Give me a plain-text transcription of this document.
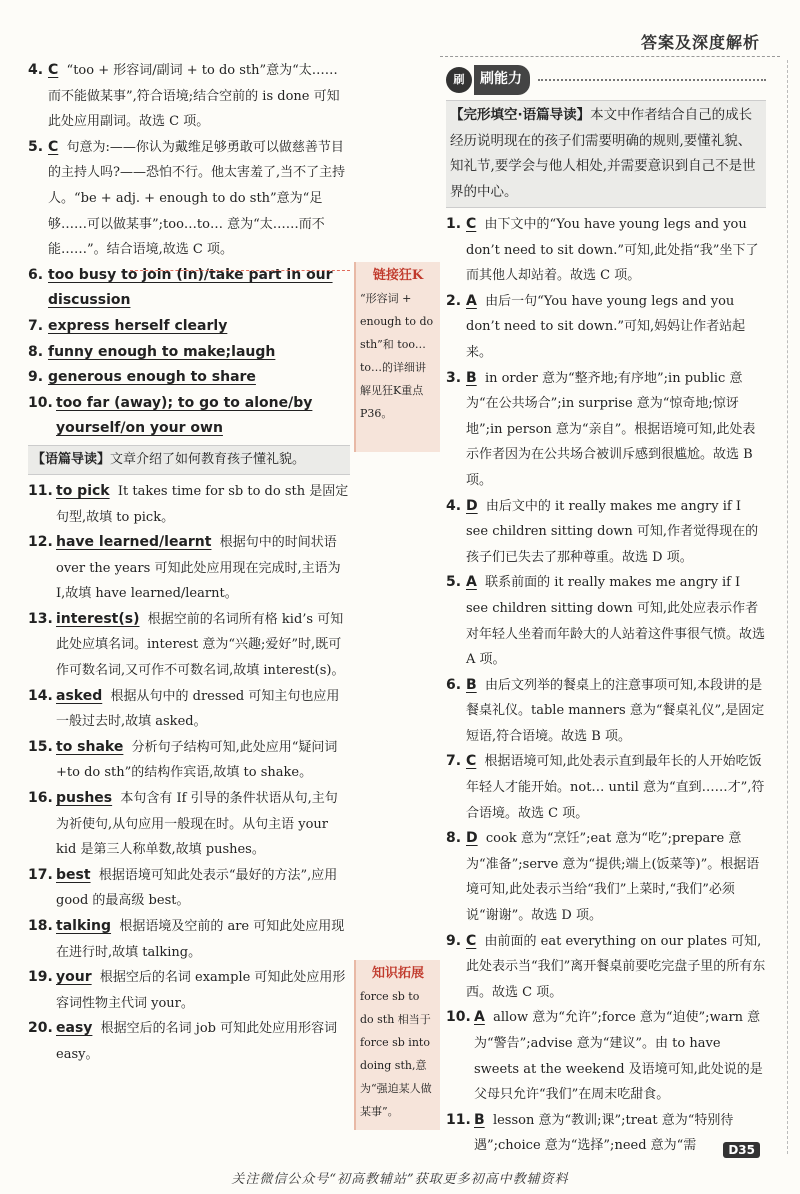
答案及深度解析
4. C “too + 形容词/副词 + to do sth”意为“太……而不能做某事”,符合语境;结合空前的 is done 可知此处应用副词。故选 C 项。
5. C 句意为:——你认为戴维足够勇敢可以做慈善节目的主持人吗?——恐怕不行。他太害羞了,当不了主持人。“be + adj. + enough to do sth”意为“足够……可以做某事”;too…to… 意为“太……而不能……”。结合语境,故选 C 项。
6. too busy to join (in)/take part in our discussion
7. express herself clearly
8. funny enough to make;laugh
9. generous enough to share
10. too far (away); to go to alone/by yourself/on your own
【语篇导读】文章介绍了如何教育孩子懂礼貌。
11. to pick It takes time for sb to do sth 是固定句型,故填 to pick。
12. have learned/learnt 根据句中的时间状语 over the years 可知此处应用现在完成时,主语为 I,故填 have learned/learnt。
13. interest(s) 根据空前的名词所有格 kid’s 可知此处应填名词。interest 意为“兴趣;爱好”时,既可作可数名词,又可作不可数名词,故填 interest(s)。
14. asked 根据从句中的 dressed 可知主句也应用一般过去时,故填 asked。
15. to shake 分析句子结构可知,此处应用“疑问词+to do sth”的结构作宾语,故填 to shake。
16. pushes 本句含有 If 引导的条件状语从句,主句为祈使句,从句应用一般现在时。从句主语 your kid 是第三人称单数,故填 pushes。
17. best 根据语境可知此处表示“最好的方法”,应用 good 的最高级 best。
18. talking 根据语境及空前的 are 可知此处应用现在进行时,故填 talking。
19. your 根据空后的名词 example 可知此处应用形容词性物主代词 your。
20. easy 根据空后的名词 job 可知此处应用形容词 easy。
链接狂K
“形容词 + enough to do sth”和 too…to…的详细讲解见狂K重点P36。
知识拓展
force sb to do sth 相当于 force sb into doing sth,意为“强迫某人做某事”。
刷	刷能力
【完形填空·语篇导读】本文中作者结合自己的成长经历说明现在的孩子们需要明确的规则,要懂礼貌、知礼节,要学会与他人相处,并需要意识到自己不是世界的中心。
1. C 由下文中的“You have young legs and you don’t need to sit down.”可知,此处指“我”坐下了而其他人却站着。故选 C 项。
2. A 由后一句“You have young legs and you don’t need to sit down.”可知,妈妈让作者站起来。
3. B in order 意为“整齐地;有序地”;in public 意为“在公共场合”;in surprise 意为“惊奇地;惊讶地”;in person 意为“亲自”。根据语境可知,此处表示作者因为在公共场合被训斥感到很尴尬。故选 B 项。
4. D 由后文中的 it really makes me angry if I see children sitting down 可知,作者觉得现在的孩子们已失去了那种尊重。故选 D 项。
5. A 联系前面的 it really makes me angry if I see children sitting down 可知,此处应表示作者对年轻人坐着而年龄大的人站着这件事很气愤。故选 A 项。
6. B 由后文列举的餐桌上的注意事项可知,本段讲的是餐桌礼仪。table manners 意为“餐桌礼仪”,是固定短语,符合语境。故选 B 项。
7. C 根据语境可知,此处表示直到最年长的人开始吃饭年轻人才能开始。not… until 意为“直到……才”,符合语境。故选 C 项。
8. D cook 意为“烹饪”;eat 意为“吃”;prepare 意为“准备”;serve 意为“提供;端上(饭菜等)”。根据语境可知,此处表示当给“我们”上菜时,“我们”必须说“谢谢”。故选 D 项。
9. C 由前面的 eat everything on our plates 可知,此处表示当“我们”离开餐桌前要吃完盘子里的所有东西。故选 C 项。
10. A allow 意为“允许”;force 意为“迫使”;warn 意为“警告”;advise 意为“建议”。由 to have sweets at the weekend 及语境可知,此处说的是父母只允许“我们”在周末吃甜食。
11. B lesson 意为“教训;课”;treat 意为“特别待遇”;choice 意为“选择”;need 意为“需	D35
关注微信公众号“初高教辅站”获取更多初高中教辅资料
